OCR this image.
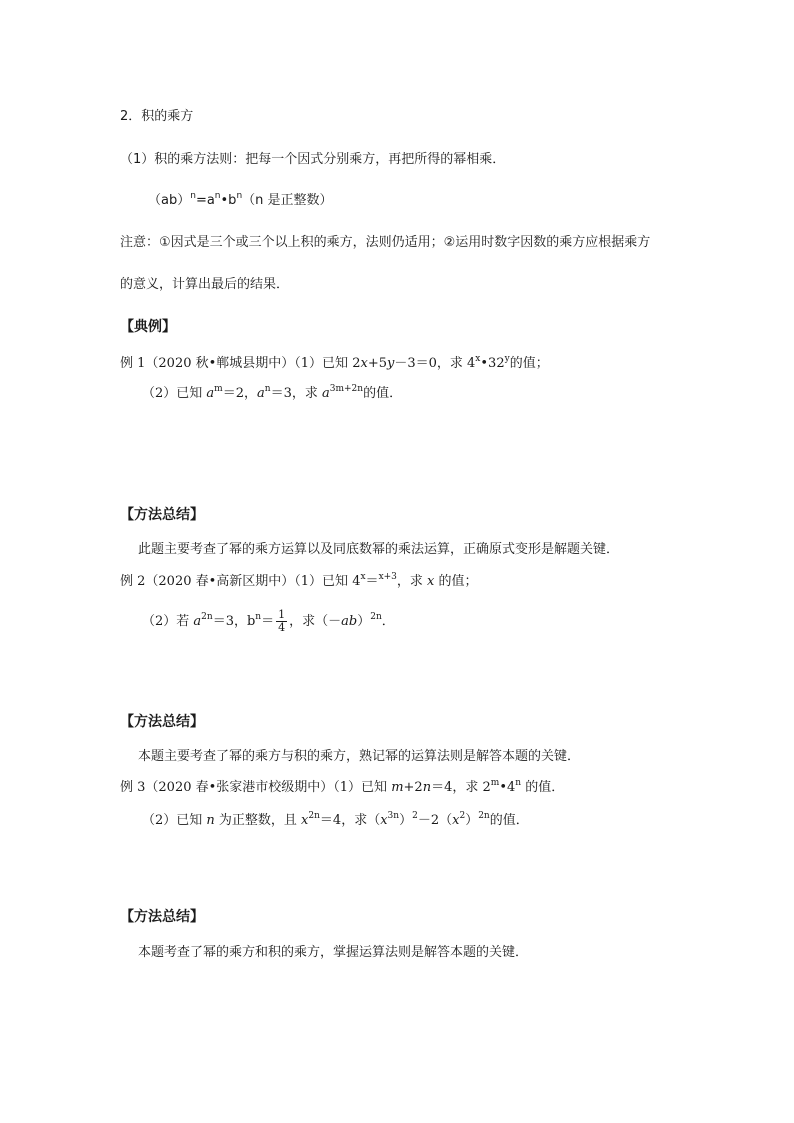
2．积的乘方
（1）积的乘方法则：把每一个因式分别乘方，再把所得的幂相乘．
$(ab)^n=a^n•b^n(n$ 是正整数）
注意：①因式是三个或三个以上积的乘方，法则仍适用；②运用时数字因数的乘方应根据乘方
的意义，计算出最后的结果．
【典例】
例 1（2020 秋•郸城县期中）（1）已知 2x+5y－3＝0，求 4$^x$•32$^y$的值；
（2）已知 $a^m=2$，$a^n=3$，求 $a^{3m+2n}$的值．
【方法总结】
此题主要考查了幂的乘方运算以及同底数幂的乘法运算，正确原式变形是解题关键．
例 2（2020 春•高新区期中）（1）已知 $4^x=^{x+3}$，求 x 的值；
（2）若 $a^{2n}=3$，$b^n= \frac{1}{4}$ ，求$(-ab)^{2n}$．
【方法总结】
本题主要考查了幂的乘方与积的乘方，熟记幂的运算法则是解答本题的关键．
例 3（2020 春•张家港市校级期中）（1）已知 m+2n＝4，求 2$^m$•4$^n$ 的值．
（2）已知 n 为正整数，且 $x^{2n}=4$，求$(x^{3n})^2-2(x^2)^{2n}$的值．
【方法总结】
本题考查了幂的乘方和积的乘方，掌握运算法则是解答本题的关键．
